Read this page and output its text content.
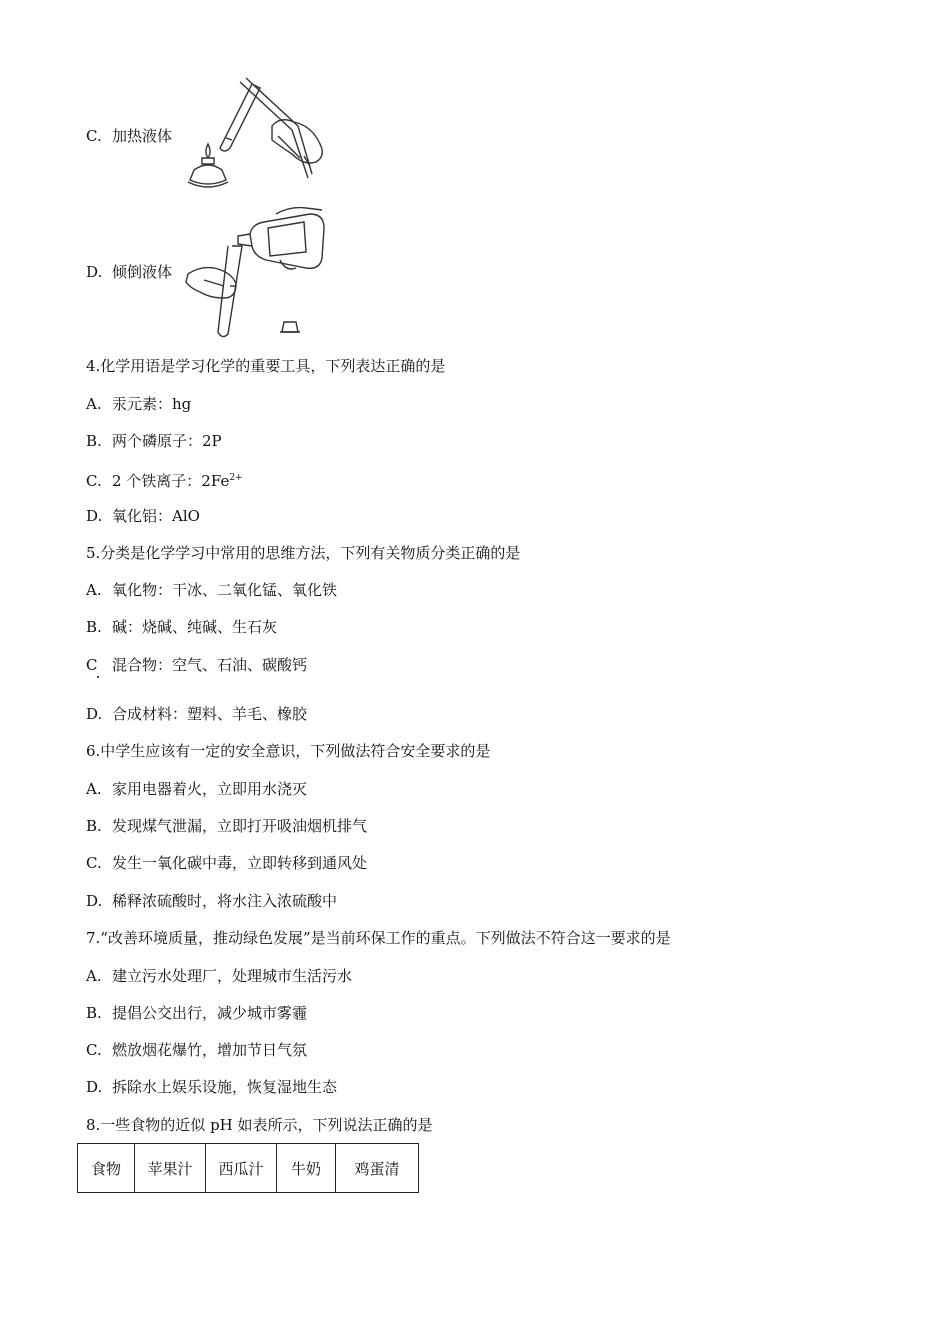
C. 加热液体
D. 倾倒液体
4.化学用语是学习化学的重要工具，下列表达正确的是
A. 汞元素：hg
B. 两个磷原子：2P
C. 2 个铁离子：$2Fe^{2+}$
D. 氧化铝：AlO
5.分类是化学学习中常用的思维方法，下列有关物质分类正确的是
A. 氧化物：干冰、二氧化锰、氧化铁
B. 碱：烧碱、纯碱、生石灰
C 混合物：空气、石油、碳酸钙
D. 合成材料：塑料、羊毛、橡胶
6.中学生应该有一定的安全意识，下列做法符合安全要求的是
A. 家用电器着火，立即用水浇灭
B. 发现煤气泄漏，立即打开吸油烟机排气
C. 发生一氧化碳中毒，立即转移到通风处
D. 稀释浓硫酸时，将水注入浓硫酸中
7.“改善环境质量，推动绿色发展”是当前环保工作的重点。下列做法不符合这一要求的是
A. 建立污水处理厂，处理城市生活污水
B. 提倡公交出行，减少城市雾霾
C. 燃放烟花爆竹，增加节日气氛
D. 拆除水上娱乐设施，恢复湿地生态
8.一些食物的近似 pH 如表所示，下列说法正确的是
食物	苹果汁	西瓜汁	牛奶	鸡蛋清
